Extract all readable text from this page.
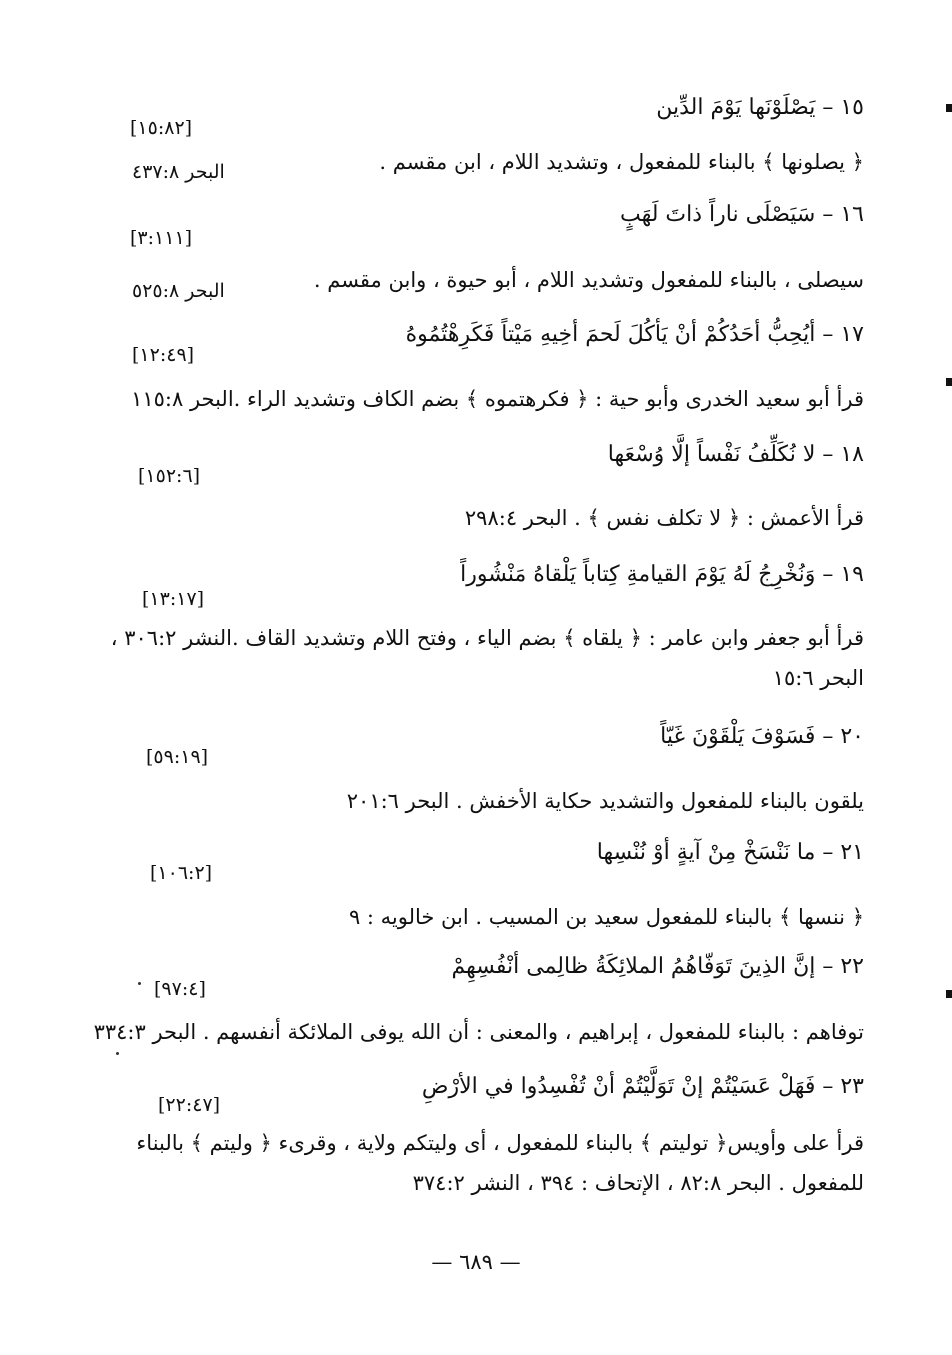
١٥ – يَصْلَوْنَها يَوْمَ الدِّين
[١٥:٨٢]
﴿ يصلونها ﴾ بالبناء للمفعول ، وتشديد اللام ، ابن مقسم .
البحر ٤٣٧:٨
١٦ – سَيَصْلَى ناراً ذاتَ لَهَبٍ
[٣:١١١]
سيصلى ، بالبناء للمفعول وتشديد اللام ، أبو حيوة ، وابن مقسم .
البحر ٥٢٥:٨
١٧ – أيُحِبُّ أحَدُكُمْ أنْ يَأكُلَ لَحمَ أخِيهِ مَيْتاً فَكَرِهْتُمُوهُ
[١٢:٤٩]
قرأ أبو سعيد الخدرى وأبو حية : ﴿ فكرهتموه ﴾ بضم الكاف وتشديد الراء .البحر ١١٥:٨
١٨ – لا نُكَلِّفُ نَفْساً إلَّا وُسْعَها
[١٥٢:٦]
قرأ الأعمش : ﴿ لا تكلف نفس ﴾ . البحر ٢٩٨:٤
١٩ – وَنُخْرِجُ لَهُ يَوْمَ القيامةِ كِتاباً يَلْقاهُ مَنْشُوراً
[١٣:١٧]
قرأ أبو جعفر وابن عامر : ﴿ يلقاه ﴾ بضم الياء ، وفتح اللام وتشديد القاف .النشر ٣٠٦:٢ ،
البحر ١٥:٦
٢٠ – فَسَوْفَ يَلْقَوْنَ غَيّاً
[٥٩:١٩]
يلقون بالبناء للمفعول والتشديد حكاية الأخفش . البحر ٢٠١:٦
٢١ – ما نَنْسَخْ مِنْ آيةٍ أوْ نُنْسِها
[١٠٦:٢]
﴿ ننسها ﴾ بالبناء للمفعول سعيد بن المسيب . ابن خالويه : ٩
٢٢ – إنَّ الذِينَ تَوَفّاهُمُ الملائِكَةُ ظالِمى أنْفُسِهِمْ
[٩٧:٤]
توفاهم : بالبناء للمفعول ، إبراهيم ، والمعنى : أن الله يوفى الملائكة أنفسهم . البحر ٣٣٤:٣
٢٣ – فَهَلْ عَسَيْتُمْ إنْ تَوَلَّيْتُمْ أنْ تُفْسِدُوا في الأرْضِ
[٢٢:٤٧]
قرأ على وأويس﴿ توليتم ﴾ بالبناء للمفعول ، أى وليتكم ولاية ، وقرىء ﴿ وليتم ﴾ بالبناء
للمفعول . البحر ٨٢:٨ ، الإتحاف : ٣٩٤ ، النشر ٣٧٤:٢
— ٦٨٩ —
